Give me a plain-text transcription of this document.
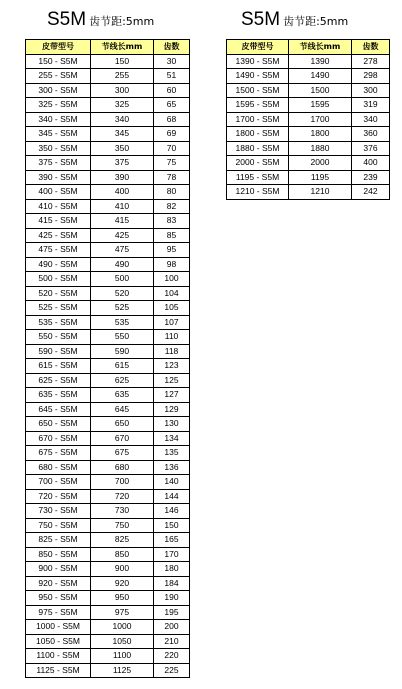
S5M 齿节距:5mm	S5M 齿节距:5mm
皮带型号	节线长mm	齿数
150 - S5M	150	30
255 - S5M	255	51
300 - S5M	300	60
325 - S5M	325	65
340 - S5M	340	68
345 - S5M	345	69
350 - S5M	350	70
375 - S5M	375	75
390 - S5M	390	78
400 - S5M	400	80
410 - S5M	410	82
415 - S5M	415	83
425 - S5M	425	85
475 - S5M	475	95
490 - S5M	490	98
500 - S5M	500	100
520 - S5M	520	104
525 - S5M	525	105
535 - S5M	535	107
550 - S5M	550	110
590 - S5M	590	118
615 - S5M	615	123
625 - S5M	625	125
635 - S5M	635	127
645 - S5M	645	129
650 - S5M	650	130
670 - S5M	670	134
675 - S5M	675	135
680 - S5M	680	136
700 - S5M	700	140
720 - S5M	720	144
730 - S5M	730	146
750 - S5M	750	150
825 - S5M	825	165
850 - S5M	850	170
900 - S5M	900	180
920 - S5M	920	184
950 - S5M	950	190
975 - S5M	975	195
1000 - S5M	1000	200
1050 - S5M	1050	210
1100 - S5M	1100	220
1125 - S5M	1125	225
皮带型号	节线长mm	齿数
1390 - S5M	1390	278
1490 - S5M	1490	298
1500 - S5M	1500	300
1595 - S5M	1595	319
1700 - S5M	1700	340
1800 - S5M	1800	360
1880 - S5M	1880	376
2000 - S5M	2000	400
1195 - S5M	1195	239
1210 - S5M	1210	242
